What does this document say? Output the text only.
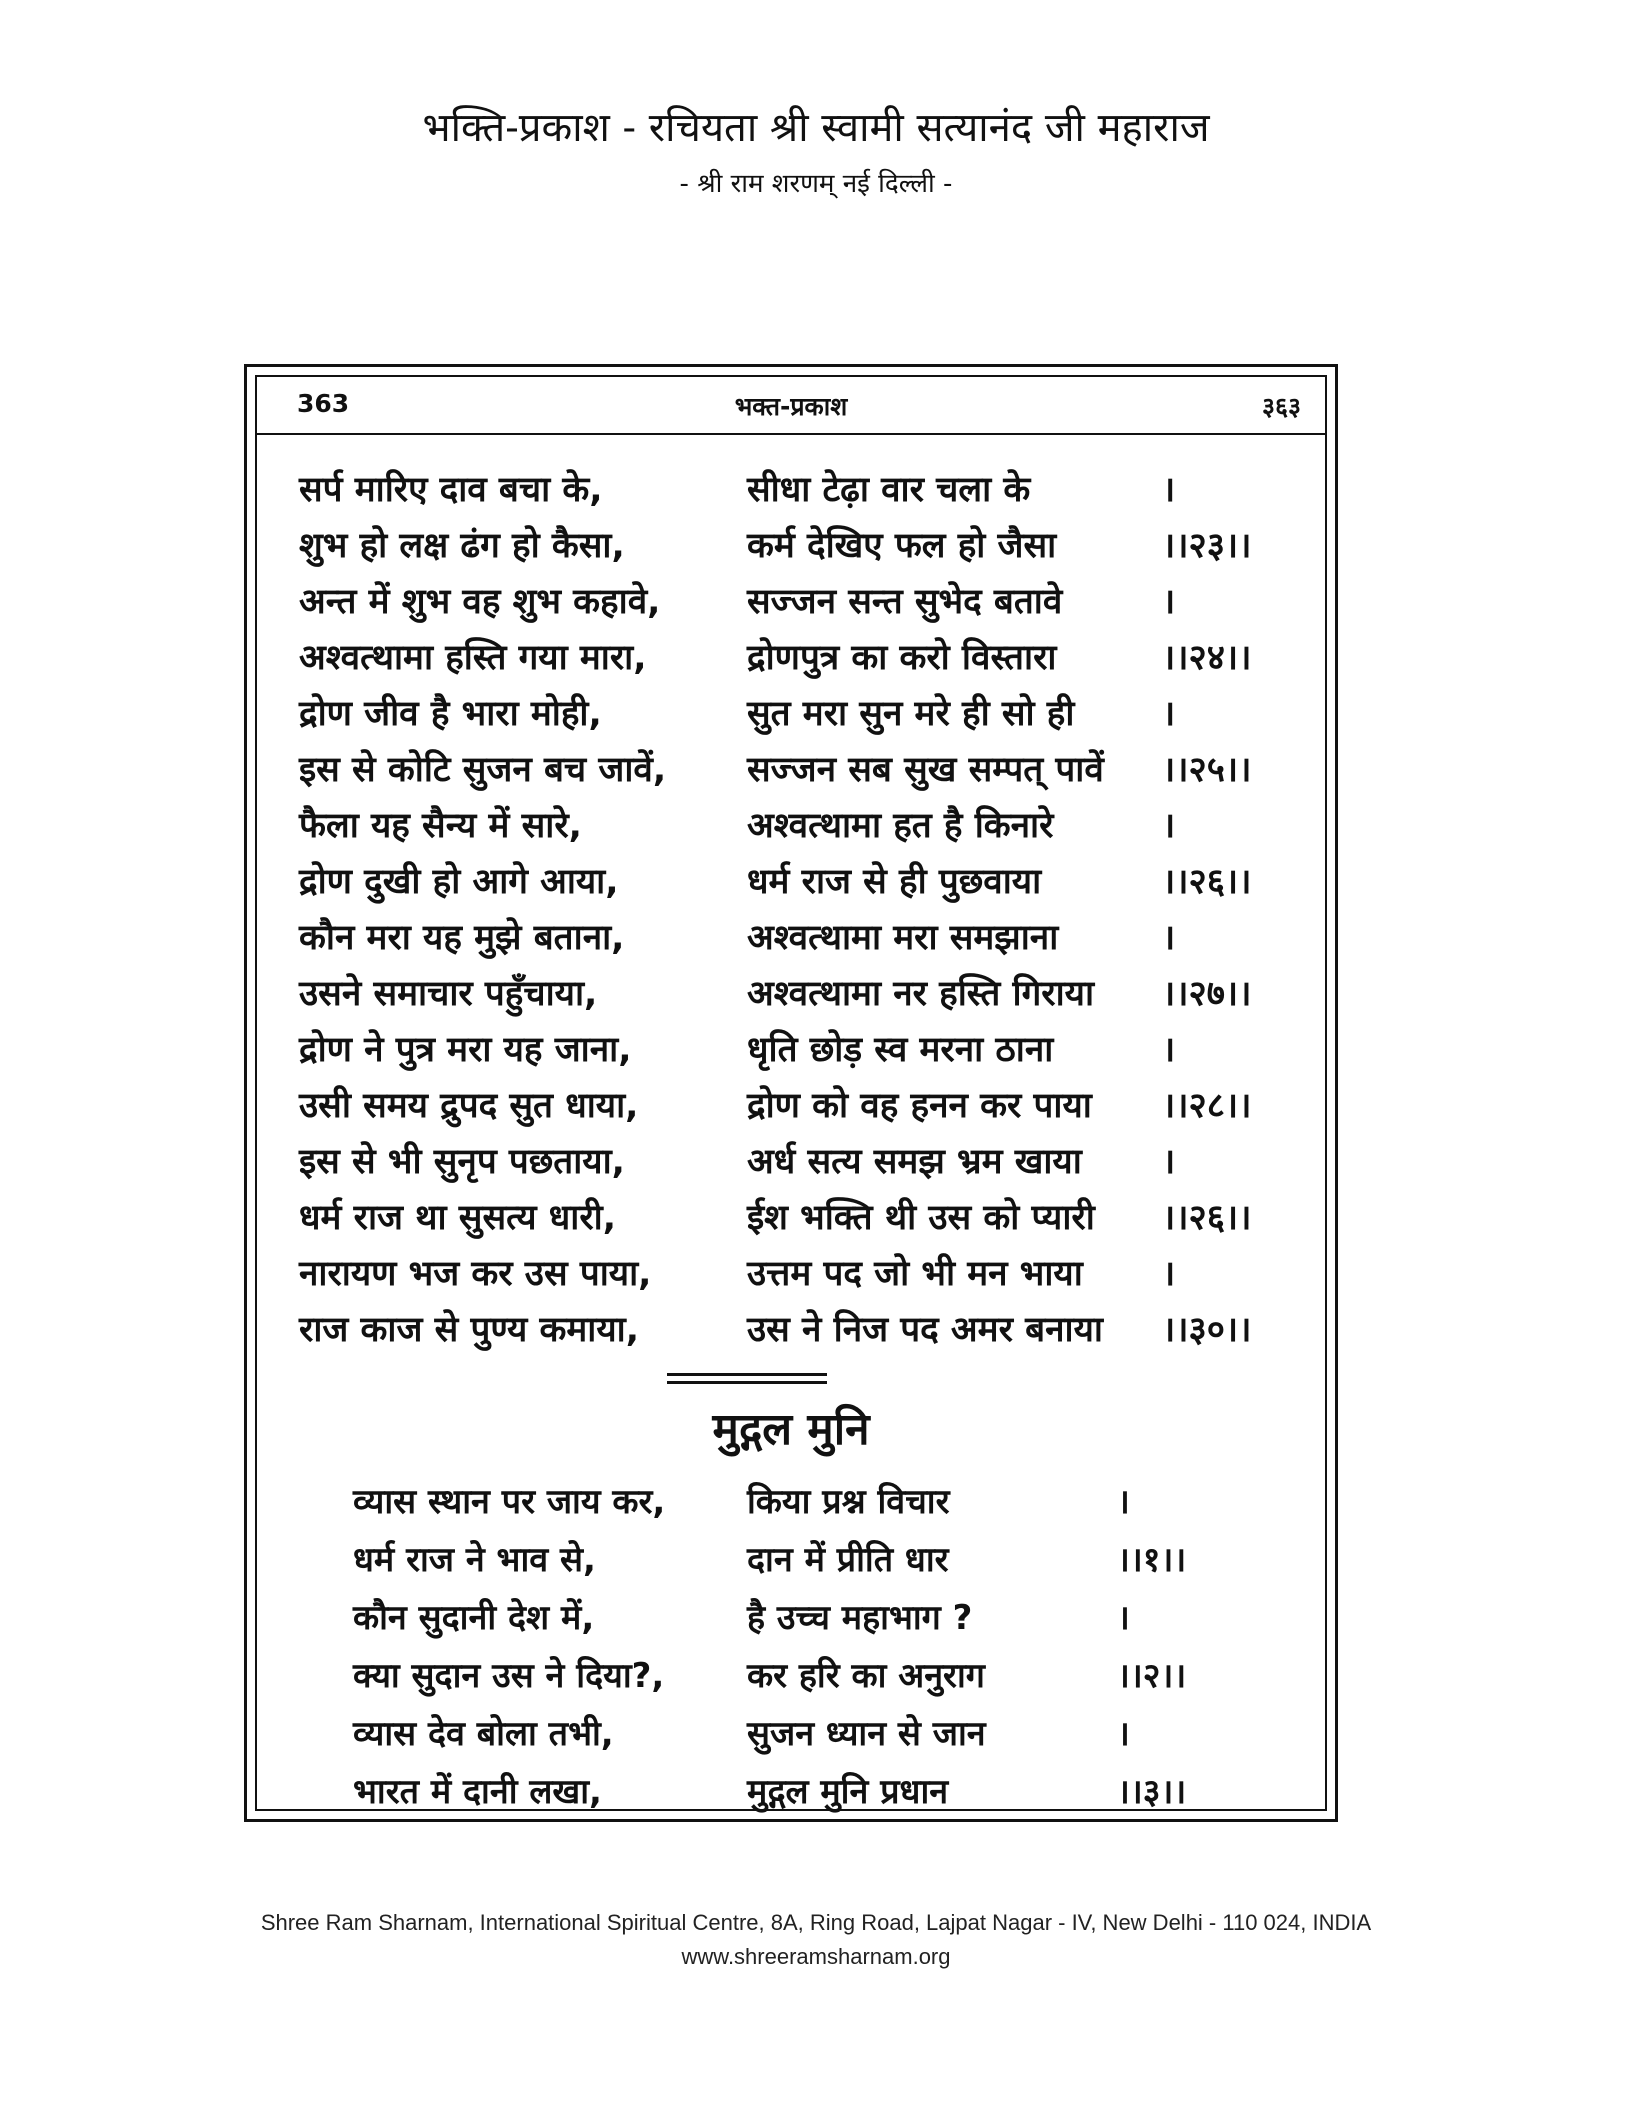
भक्ति-प्रकाश - रचियता श्री स्वामी सत्यानंद जी महाराज
- श्री राम शरणम् नई दिल्ली -
363	भक्त-प्रकाश	३६३
सर्प मारिए दाव बचा के,	सीधा टेढ़ा वार चला के	।
शुभ हो लक्ष ढंग हो कैसा,	कर्म देखिए फल हो जैसा	।।२३।।
अन्त में शुभ वह शुभ कहावे,	सज्जन सन्त सुभेद बतावे	।
अश्वत्थामा हस्ति गया मारा,	द्रोणपुत्र का करो विस्तारा	।।२४।।
द्रोण जीव है भारा मोही,	सुत मरा सुन मरे ही सो ही	।
इस से कोटि सुजन बच जावें,	सज्जन सब सुख सम्पत् पावें	।।२५।।
फैला यह सैन्य में सारे,	अश्वत्थामा हत है किनारे	।
द्रोण दुखी हो आगे आया,	धर्म राज से ही पुछवाया	।।२६।।
कौन मरा यह मुझे बताना,	अश्वत्थामा मरा समझाना	।
उसने समाचार पहुँचाया,	अश्वत्थामा नर हस्ति गिराया	।।२७।।
द्रोण ने पुत्र मरा यह जाना,	धृति छोड़ स्व मरना ठाना	।
उसी समय द्रुपद सुत धाया,	द्रोण को वह हनन कर पाया	।।२८।।
इस से भी सुनृप पछताया,	अर्ध सत्य समझ भ्रम खाया	।
धर्म राज था सुसत्य धारी,	ईश भक्ति थी उस को प्यारी	।।२६।।
नारायण भज कर उस पाया,	उत्तम पद जो भी मन भाया	।
राज काज से पुण्य कमाया,	उस ने निज पद अमर बनाया	।।३०।।
मुद्गल मुनि
व्यास स्थान पर जाय कर,	किया प्रश्न विचार	।
धर्म राज ने भाव से,	दान में प्रीति धार	।।१।।
कौन सुदानी देश में,	है उच्च महाभाग ?	।
क्या सुदान उस ने दिया?,	कर हरि का अनुराग	।।२।।
व्यास देव बोला तभी,	सुजन ध्यान से जान	।
भारत में दानी लखा,	मुद्गल मुनि प्रधान	।।३।।
Shree Ram Sharnam, International Spiritual Centre, 8A, Ring Road, Lajpat Nagar - IV, New Delhi - 110 024, INDIA
www.shreeramsharnam.org
